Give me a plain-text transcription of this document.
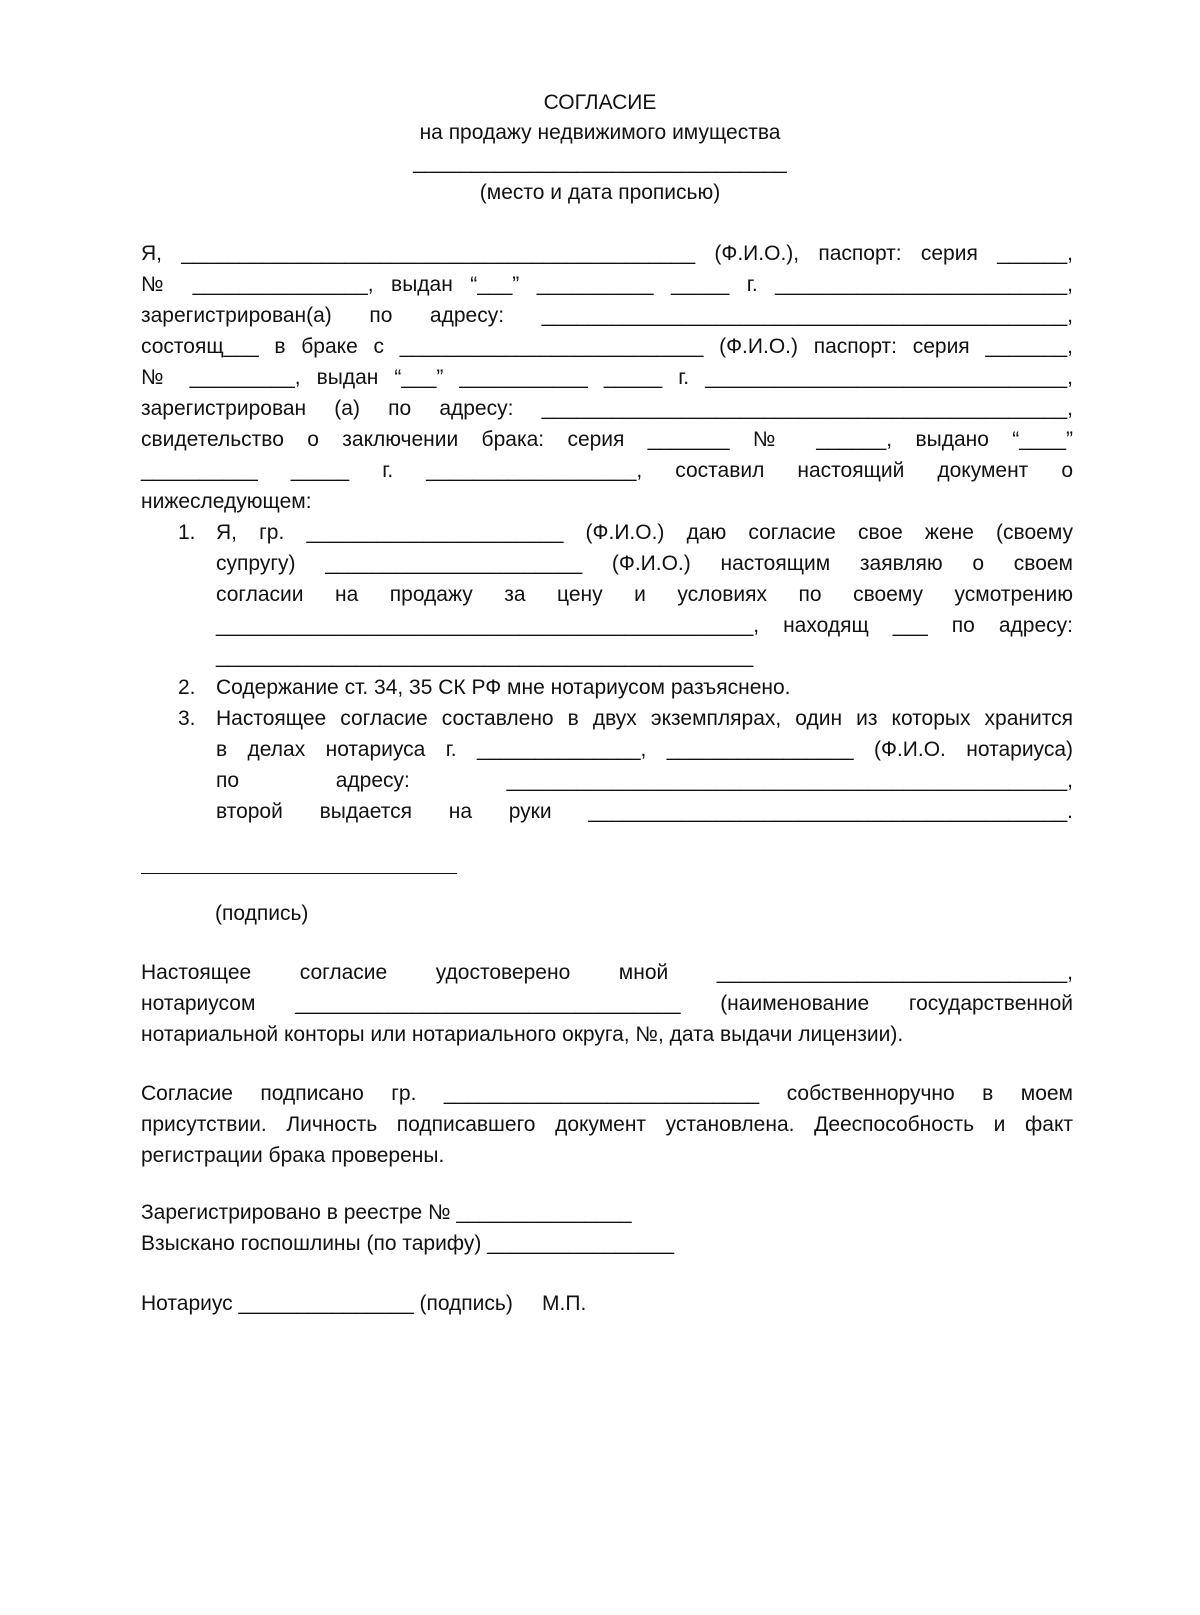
СОГЛАСИЕ
на продажу недвижимого имущества
________________________________
(место и дата прописью)
Я, ____________________________________________ (Ф.И.О.), паспорт: серия ______,
№ _______________, выдан “___” __________ _____ г. _________________________,
зарегистрирован(а) по адресу: _____________________________________________,
состоящ___ в браке с __________________________ (Ф.И.О.) паспорт: серия _______,
№ _________, выдан “___” ___________ _____ г. _______________________________,
зарегистрирован (а) по адресу: _____________________________________________,
свидетельство о заключении брака: серия _______ № ______, выдано “____”
__________ _____ г. __________________, составил настоящий документ о
нижеследующем:
1. Я, гр. ______________________ (Ф.И.О.) даю согласие свое жене (своему
супругу) ______________________ (Ф.И.О.) настоящим заявляю о своем
согласии на продажу за цену и условиях по своему усмотрению
______________________________________________, находящ ___ по адресу:
______________________________________________
2. Содержание ст. 34, 35 СК РФ мне нотариусом разъяснено.
3. Настоящее согласие составлено в двух экземплярах, один из которых хранится
в делах нотариуса г. ______________, ________________ (Ф.И.О. нотариуса)
по адресу: ________________________________________________,
второй выдается на руки _________________________________________.
(подпись)
Настоящее согласие удостоверено мной ______________________________,
нотариусом _________________________________ (наименование государственной
нотариальной конторы или нотариального округа, №, дата выдачи лицензии).
Согласие подписано гр. ___________________________ собственноручно в моем
присутствии. Личность подписавшего документ установлена. Дееспособность и факт
регистрации брака проверены.
Зарегистрировано в реестре № _______________
Взыскано госпошлины (по тарифу) ________________
Нотариус _______________ (подпись)     М.П.
